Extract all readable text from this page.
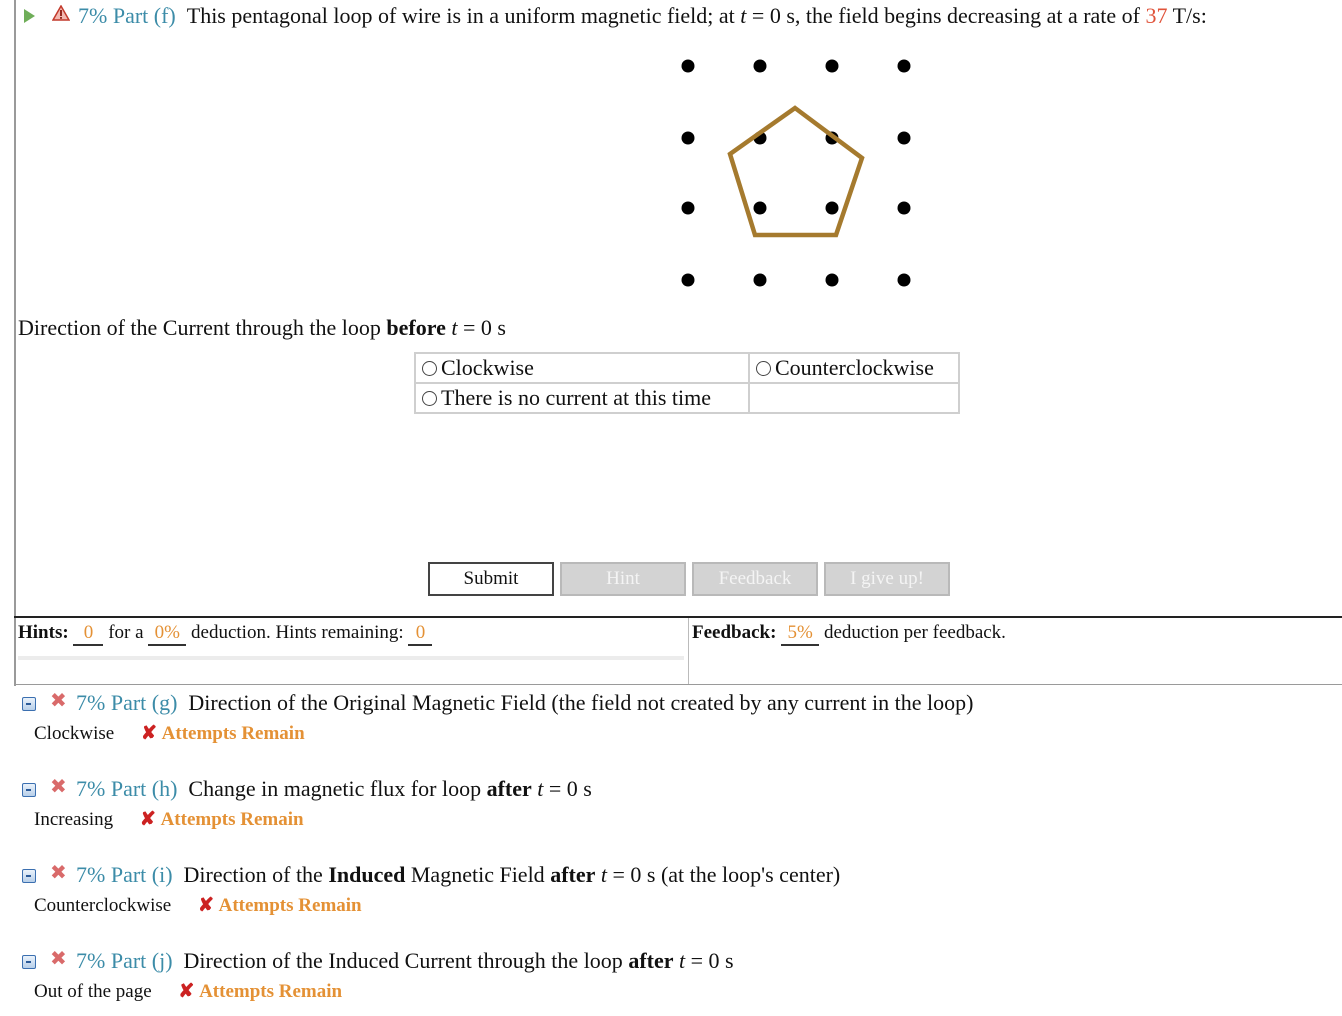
7% Part (f) This pentagonal loop of wire is in a uniform magnetic field; at t = 0 s, the field begins decreasing at a rate of 37 T/s:
Direction of the Current through the loop before t = 0 s
Clockwise	Counterclockwise
There is no current at this time	
Submit	Hint	Feedback	I give up!
Hints: 0 for a 0% deduction. Hints remaining: 0	Feedback: 5% deduction per feedback.
✖ 7% Part (g) Direction of the Original Magnetic Field (the field not created by any current in the loop)
Clockwise ✘ Attempts Remain
✖ 7% Part (h) Change in magnetic flux for loop after t = 0 s
Increasing ✘ Attempts Remain
✖ 7% Part (i) Direction of the Induced Magnetic Field after t = 0 s (at the loop's center)
Counterclockwise ✘ Attempts Remain
✖ 7% Part (j) Direction of the Induced Current through the loop after t = 0 s
Out of the page ✘ Attempts Remain
